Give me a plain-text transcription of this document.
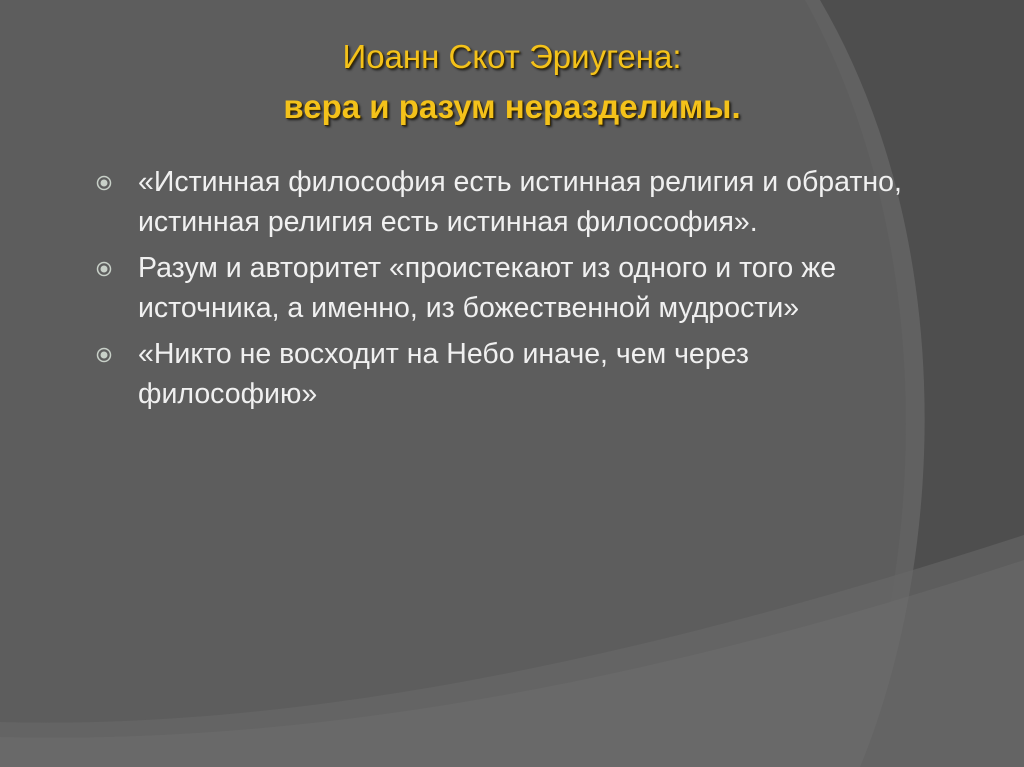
Иоанн Скот Эриугена:
вера и разум неразделимы.
«Истинная философия есть истинная религия и обратно, истинная религия есть истинная философия».
Разум и авторитет «проистекают из одного и того же источника, а именно, из божественной мудрости»
«Никто не восходит на Небо иначе, чем через философию»
